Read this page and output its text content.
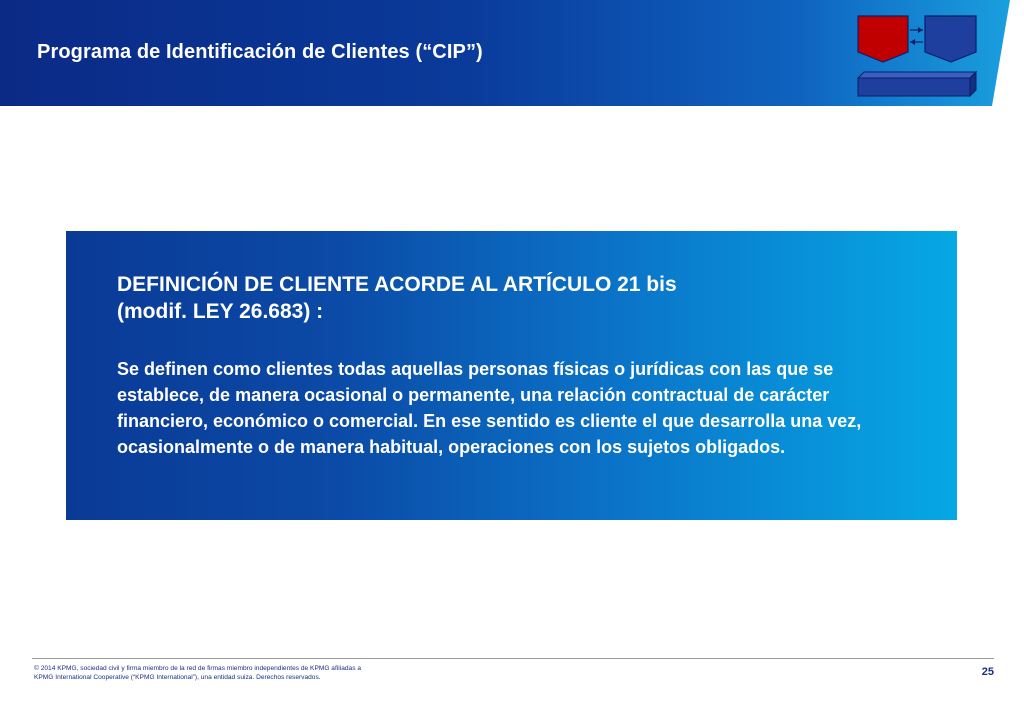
Programa de Identificación de Clientes (“CIP”)
DEFINICIÓN DE CLIENTE ACORDE AL ARTÍCULO 21 bis
(modif. LEY 26.683) :
Se definen como clientes todas aquellas personas físicas o jurídicas con las que se establece, de manera ocasional o permanente, una relación contractual de carácter financiero, económico o comercial. En ese sentido es cliente el que desarrolla una vez, ocasionalmente o de manera habitual, operaciones con los sujetos obligados.
© 2014 KPMG, sociedad civil y firma miembro de la red de firmas miembro independientes de KPMG afiliadas a
KPMG International Cooperative (“KPMG International”), una entidad suiza. Derechos reservados.	25
